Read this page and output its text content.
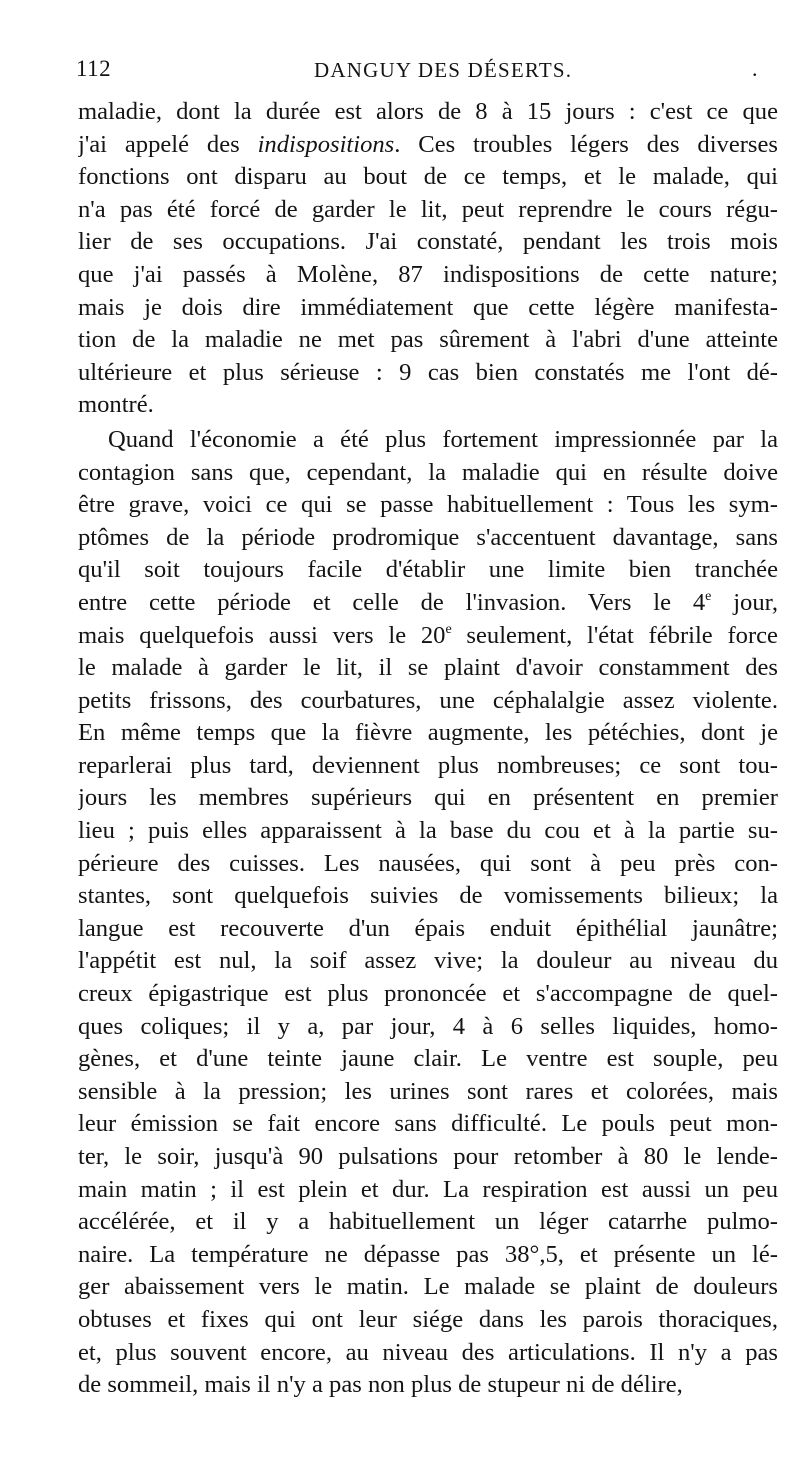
112	DANGUY DES DÉSERTS.	.
maladie, dont la durée est alors de 8 à 15 jours : c'est ce que
j'ai appelé des indispositions. Ces troubles légers des diverses
fonctions ont disparu au bout de ce temps, et le malade, qui
n'a pas été forcé de garder le lit, peut reprendre le cours régu-
lier de ses occupations. J'ai constaté, pendant les trois mois
que j'ai passés à Molène, 87 indispositions de cette nature;
mais je dois dire immédiatement que cette légère manifesta-
tion de la maladie ne met pas sûrement à l'abri d'une atteinte
ultérieure et plus sérieuse : 9 cas bien constatés me l'ont dé-
montré.
Quand l'économie a été plus fortement impressionnée par la
contagion sans que, cependant, la maladie qui en résulte doive
être grave, voici ce qui se passe habituellement : Tous les sym-
ptômes de la période prodromique s'accentuent davantage, sans
qu'il soit toujours facile d'établir une limite bien tranchée
entre cette période et celle de l'invasion. Vers le 4e jour,
mais quelquefois aussi vers le 20e seulement, l'état fébrile force
le malade à garder le lit, il se plaint d'avoir constamment des
petits frissons, des courbatures, une céphalalgie assez violente.
En même temps que la fièvre augmente, les pétéchies, dont je
reparlerai plus tard, deviennent plus nombreuses; ce sont tou-
jours les membres supérieurs qui en présentent en premier
lieu ; puis elles apparaissent à la base du cou et à la partie su-
périeure des cuisses. Les nausées, qui sont à peu près con-
stantes, sont quelquefois suivies de vomissements bilieux; la
langue est recouverte d'un épais enduit épithélial jaunâtre;
l'appétit est nul, la soif assez vive; la douleur au niveau du
creux épigastrique est plus prononcée et s'accompagne de quel-
ques coliques; il y a, par jour, 4 à 6 selles liquides, homo-
gènes, et d'une teinte jaune clair. Le ventre est souple, peu
sensible à la pression; les urines sont rares et colorées, mais
leur émission se fait encore sans difficulté. Le pouls peut mon-
ter, le soir, jusqu'à 90 pulsations pour retomber à 80 le lende-
main matin ; il est plein et dur. La respiration est aussi un peu
accélérée, et il y a habituellement un léger catarrhe pulmo-
naire. La température ne dépasse pas 38°,5, et présente un lé-
ger abaissement vers le matin. Le malade se plaint de douleurs
obtuses et fixes qui ont leur siége dans les parois thoraciques,
et, plus souvent encore, au niveau des articulations. Il n'y a pas
de sommeil, mais il n'y a pas non plus de stupeur ni de délire,
